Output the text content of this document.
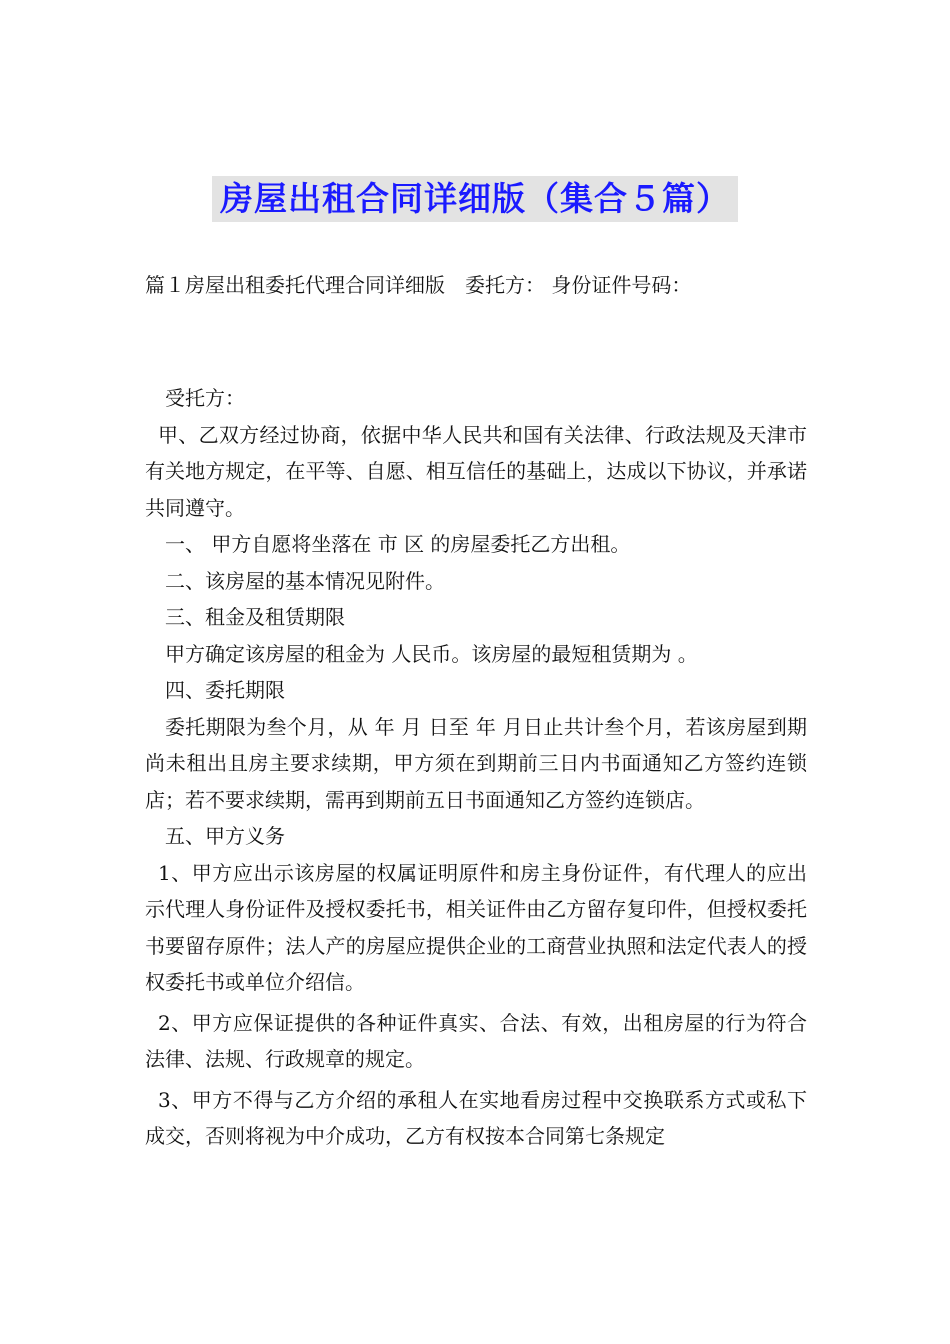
房屋出租合同详细版（集合５篇）
篇１房屋出租委托代理合同详细版　委托方： 身份证件号码：

受托方：

甲、乙双方经过协商，依据中华人民共和国有关法律、行政法规及天津市有关地方规定，在平等、自愿、相互信任的基础上，达成以下协议，并承诺共同遵守。

一、 甲方自愿将坐落在 市 区 的房屋委托乙方出租。

二、该房屋的基本情况见附件。

三、租金及租赁期限

甲方确定该房屋的租金为 人民币。该房屋的最短租赁期为 。

四、委托期限

委托期限为叁个月，从 年 月 日至 年 月日止共计叁个月，若该房屋到期尚未租出且房主要求续期，甲方须在到期前三日内书面通知乙方签约连锁店；若不要求续期，需再到期前五日书面通知乙方签约连锁店。

五、甲方义务

1、甲方应出示该房屋的权属证明原件和房主身份证件，有代理人的应出示代理人身份证件及授权委托书，相关证件由乙方留存复印件，但授权委托书要留存原件；法人产的房屋应提供企业的工商营业执照和法定代表人的授权委托书或单位介绍信。

2、甲方应保证提供的各种证件真实、合法、有效，出租房屋的行为符合法律、法规、行政规章的规定。

3、甲方不得与乙方介绍的承租人在实地看房过程中交换联系方式或私下成交，否则将视为中介成功，乙方有权按本合同第七条规定
